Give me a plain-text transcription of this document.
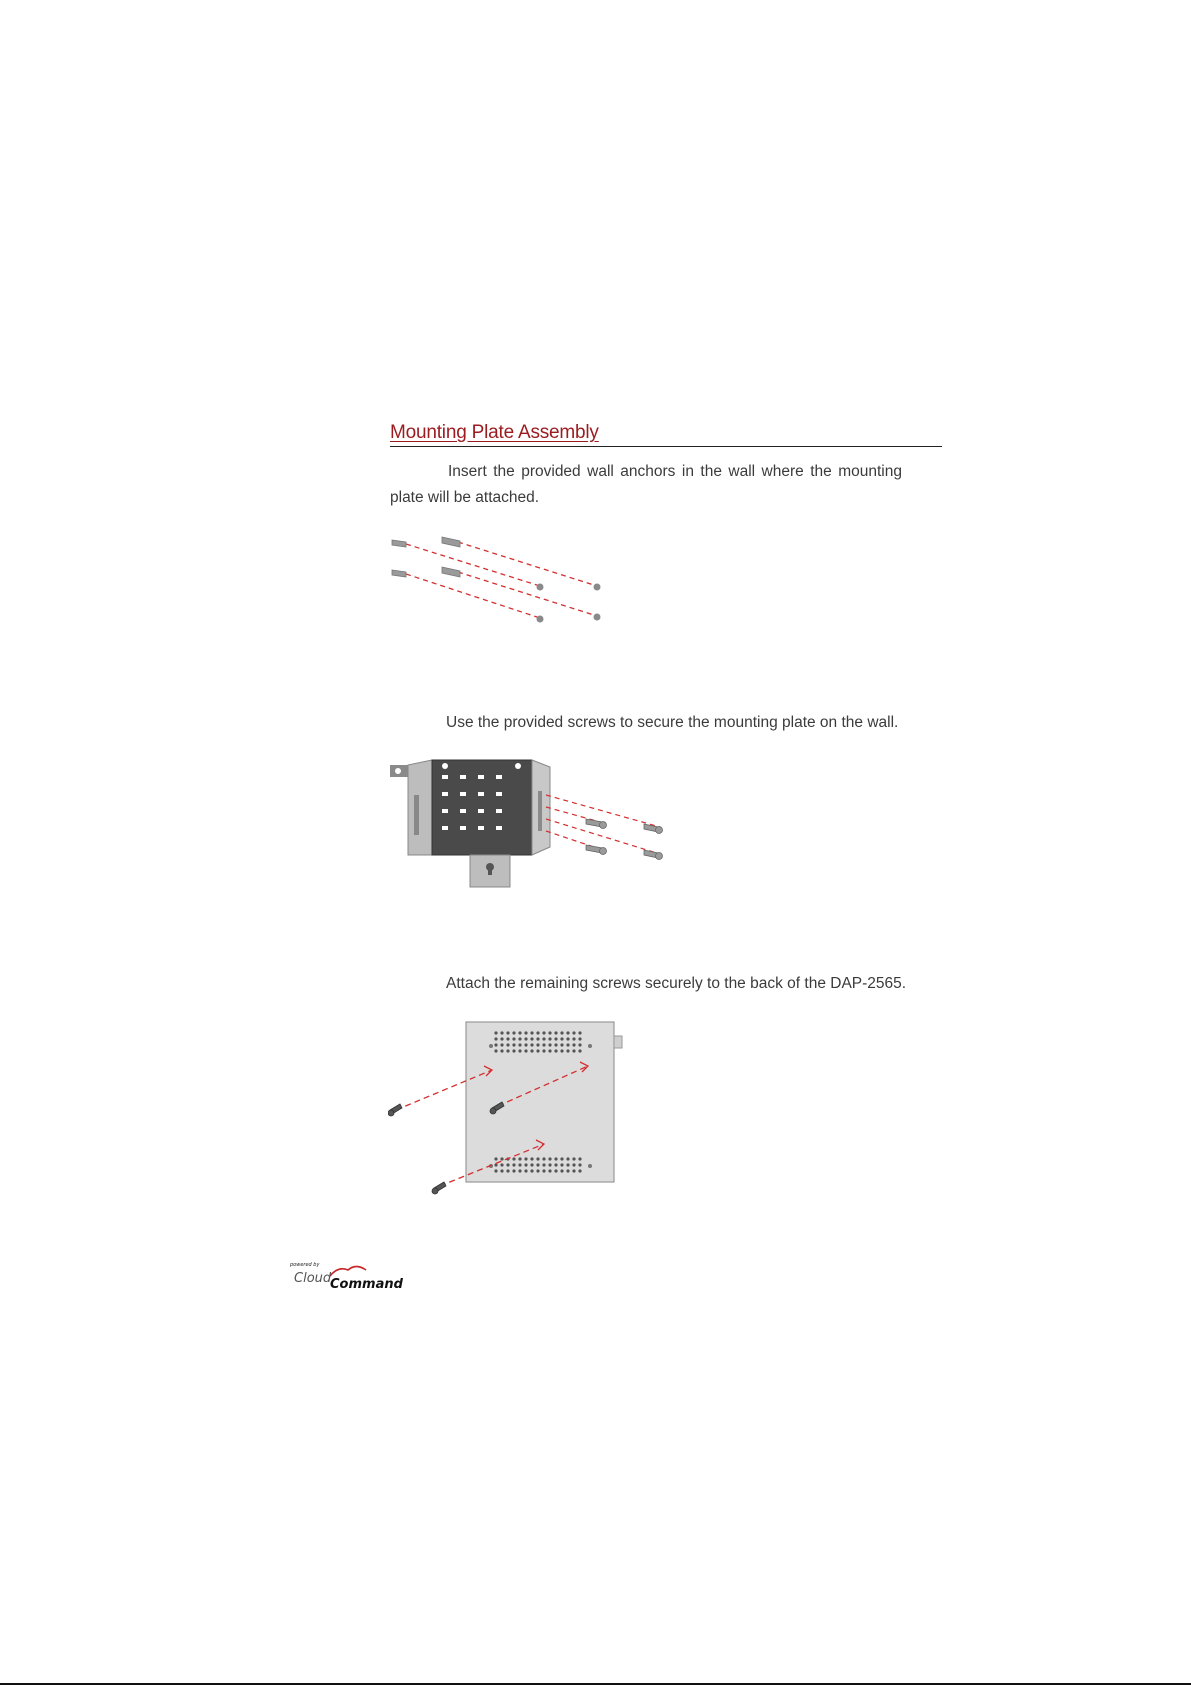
Mounting Plate Assembly
Insert the provided wall anchors in the wall where the mounting plate will be attached.
Use the provided screws to secure the mounting plate on the wall.
Attach the remaining screws securely to the back of the DAP-2565.
powered by
Cloud
Command
